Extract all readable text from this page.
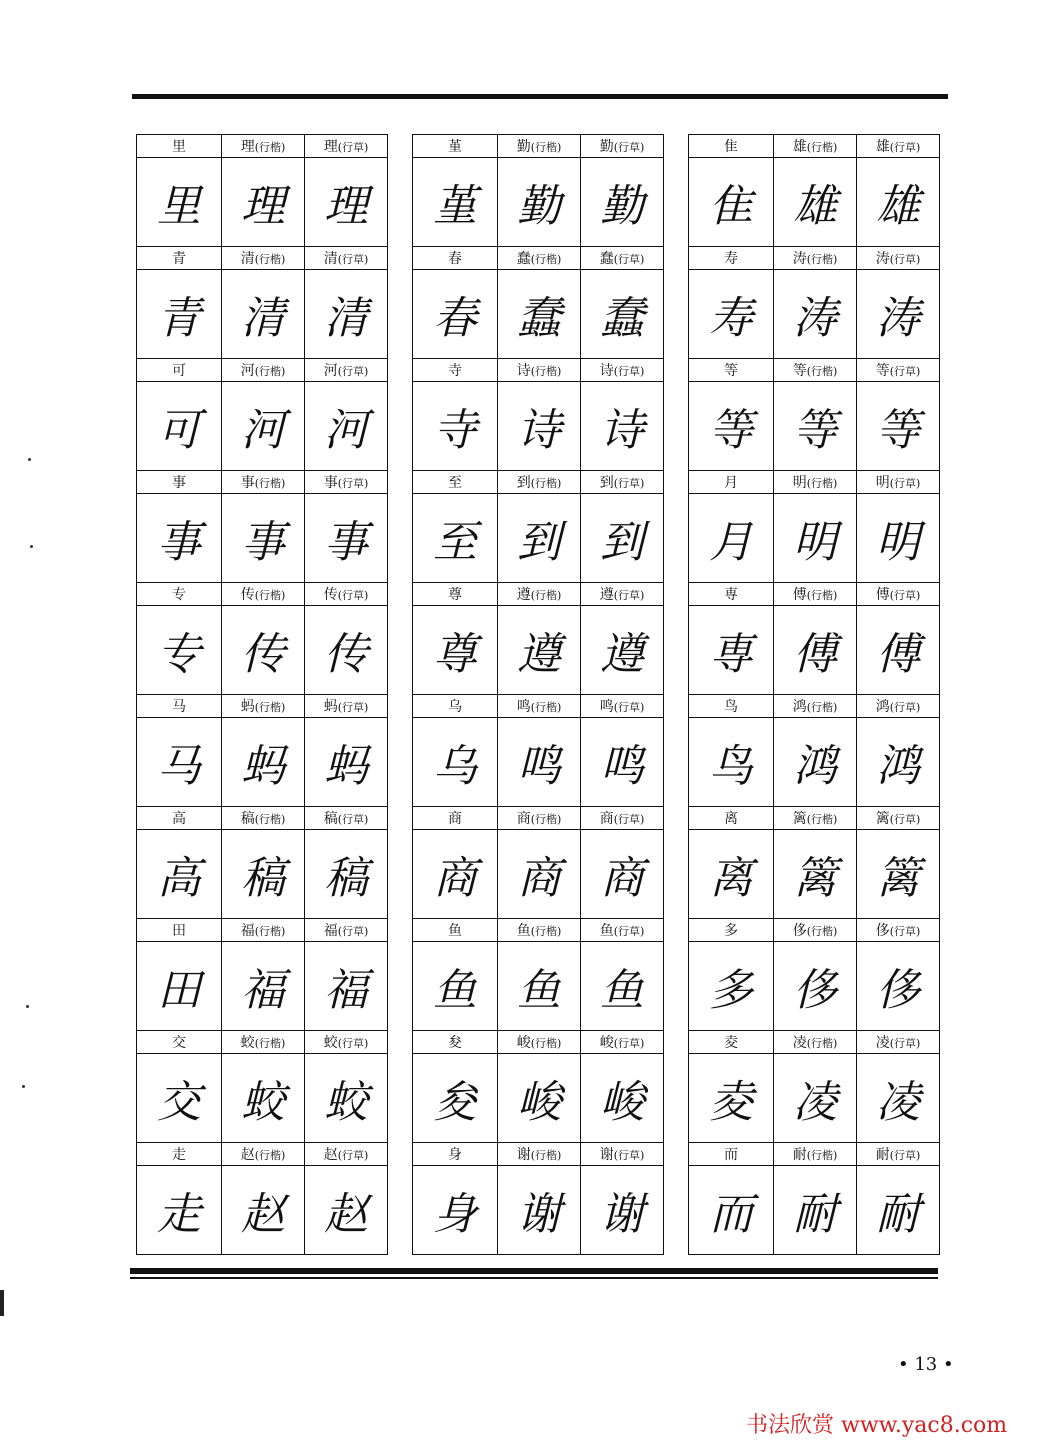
里	理(行楷)	理(行草)
里	理	理
青	清(行楷)	清(行草)
青	清	清
可	河(行楷)	河(行草)
可	河	河
事	事(行楷)	事(行草)
事	事	事
专	传(行楷)	传(行草)
专	传	传
马	蚂(行楷)	蚂(行草)
马	蚂	蚂
高	稿(行楷)	稿(行草)
高	稿	稿
田	福(行楷)	福(行草)
田	福	福
交	蛟(行楷)	蛟(行草)
交	蛟	蛟
走	赵(行楷)	赵(行草)
走	赵	赵
堇	勤(行楷)	勤(行草)
堇	勤	勤
春	蠢(行楷)	蠢(行草)
春	蠢	蠢
寺	诗(行楷)	诗(行草)
寺	诗	诗
至	到(行楷)	到(行草)
至	到	到
尊	遵(行楷)	遵(行草)
尊	遵	遵
乌	鸣(行楷)	鸣(行草)
乌	鸣	鸣
商	商(行楷)	商(行草)
商	商	商
鱼	鱼(行楷)	鱼(行草)
鱼	鱼	鱼
夋	峻(行楷)	峻(行草)
夋	峻	峻
身	谢(行楷)	谢(行草)
身	谢	谢
隹	雄(行楷)	雄(行草)
隹	雄	雄
寿	涛(行楷)	涛(行草)
寿	涛	涛
等	等(行楷)	等(行草)
等	等	等
月	明(行楷)	明(行草)
月	明	明
専	傅(行楷)	傅(行草)
専	傅	傅
鸟	鸿(行楷)	鸿(行草)
鸟	鸿	鸿
离	篱(行楷)	篱(行草)
离	篱	篱
多	侈(行楷)	侈(行草)
多	侈	侈
夌	凌(行楷)	凌(行草)
夌	凌	凌
而	耐(行楷)	耐(行草)
而	耐	耐
• 13 •
书法欣赏 www.yac8.com
